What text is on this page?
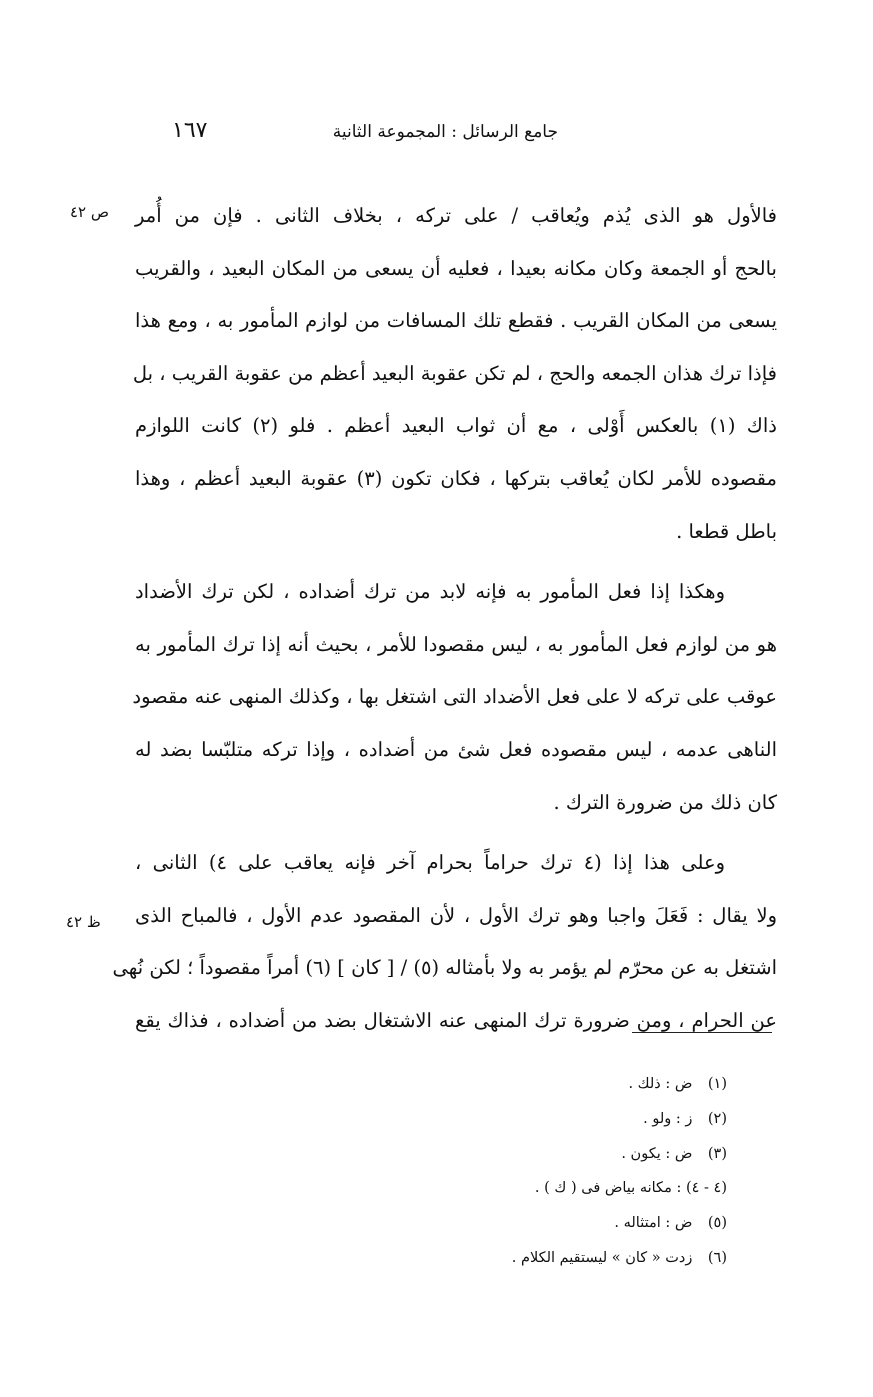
جامع الرسائل : المجموعة الثانية
١٦٧
ص ٤٢
ظ ٤٢

فالأول هو الذى يُذم ويُعاقب / على تركه ، بخلاف الثانى . فإن من أُمر
بالحج أو الجمعة وكان مكانه بعيدا ، فعليه أن يسعى من المكان البعيد ، والقريب
يسعى من المكان القريب . فقطع تلك المسافات من لوازم المأمور به ، ومع هذا
فإذا ترك هذان الجمعه والحج ، لم تكن عقوبة البعيد أعظم من عقوبة القريب ، بل
ذاك (١) بالعكس أَوْلى ، مع أن ثواب البعيد أعظم . فلو (٢) كانت اللوازم
مقصوده للأمر لكان يُعاقب بتركها ، فكان تكون (٣) عقوبة البعيد أعظم ، وهذا
باطل قطعا .

وهكذا إذا فعل المأمور به فإنه لابد من ترك أضداده ، لكن ترك الأضداد
هو من لوازم فعل المأمور به ، ليس مقصودا للأمر ، بحيث أنه إذا ترك المأمور به
عوقب على تركه لا على فعل الأضداد التى اشتغل بها ، وكذلك المنهى عنه مقصود
الناهى عدمه ، ليس مقصوده فعل شئ من أضداده ، وإذا تركه متلبّسا بضد له
كان ذلك من ضرورة الترك .

وعلى هذا إذا (٤ ترك حراماً بحرام آخر فإنه يعاقب على ٤) الثانى ،
ولا يقال : فَعَلَ واجبا وهو ترك الأول ، لأن المقصود عدم الأول ، فالمباح الذى
اشتغل به عن محرّم لم يؤمر به ولا بأمثاله (٥) / [ كان ] (٦) أمراً مقصوداً ؛ لكن نُهى
عن الحرام ، ومن ضرورة ترك المنهى عنه الاشتغال بضد من أضداده ، فذاك يقع

(١) ض : ذلك .
(٢) ز : ولو .
(٣) ض : يكون .
(٤ - ٤) : مكانه بياض فى ( ك ) .
(٥) ض : امتثاله .
(٦) زدت « كان » ليستقيم الكلام .
